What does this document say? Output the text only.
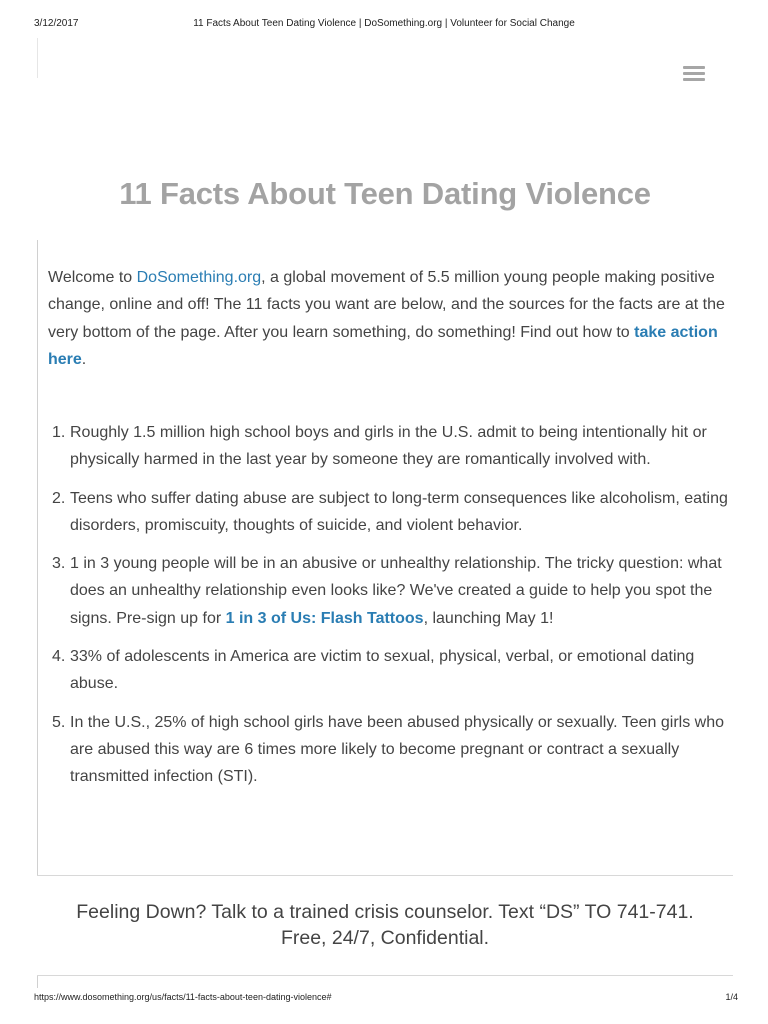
3/12/2017	11 Facts About Teen Dating Violence | DoSomething.org | Volunteer for Social Change
11 Facts About Teen Dating Violence

Welcome to DoSomething.org, a global movement of 5.5 million young people making positive change, online and off! The 11 facts you want are below, and the sources for the facts are at the very bottom of the page. After you learn something, do something! Find out how to take action here.

1. Roughly 1.5 million high school boys and girls in the U.S. admit to being intentionally hit or physically harmed in the last year by someone they are romantically involved with.
2. Teens who suffer dating abuse are subject to long-term consequences like alcoholism, eating disorders, promiscuity, thoughts of suicide, and violent behavior.
3. 1 in 3 young people will be in an abusive or unhealthy relationship. The tricky question: what does an unhealthy relationship even looks like? We've created a guide to help you spot the signs. Pre-sign up for 1 in 3 of Us: Flash Tattoos, launching May 1!
4. 33% of adolescents in America are victim to sexual, physical, verbal, or emotional dating abuse.
5. In the U.S., 25% of high school girls have been abused physically or sexually. Teen girls who are abused this way are 6 times more likely to become pregnant or contract a sexually transmitted infection (STI).
Feeling Down? Talk to a trained crisis counselor. Text “DS” TO 741-741.
Free, 24/7, Confidential.
https://www.dosomething.org/us/facts/11-facts-about-teen-dating-violence#	1/4
